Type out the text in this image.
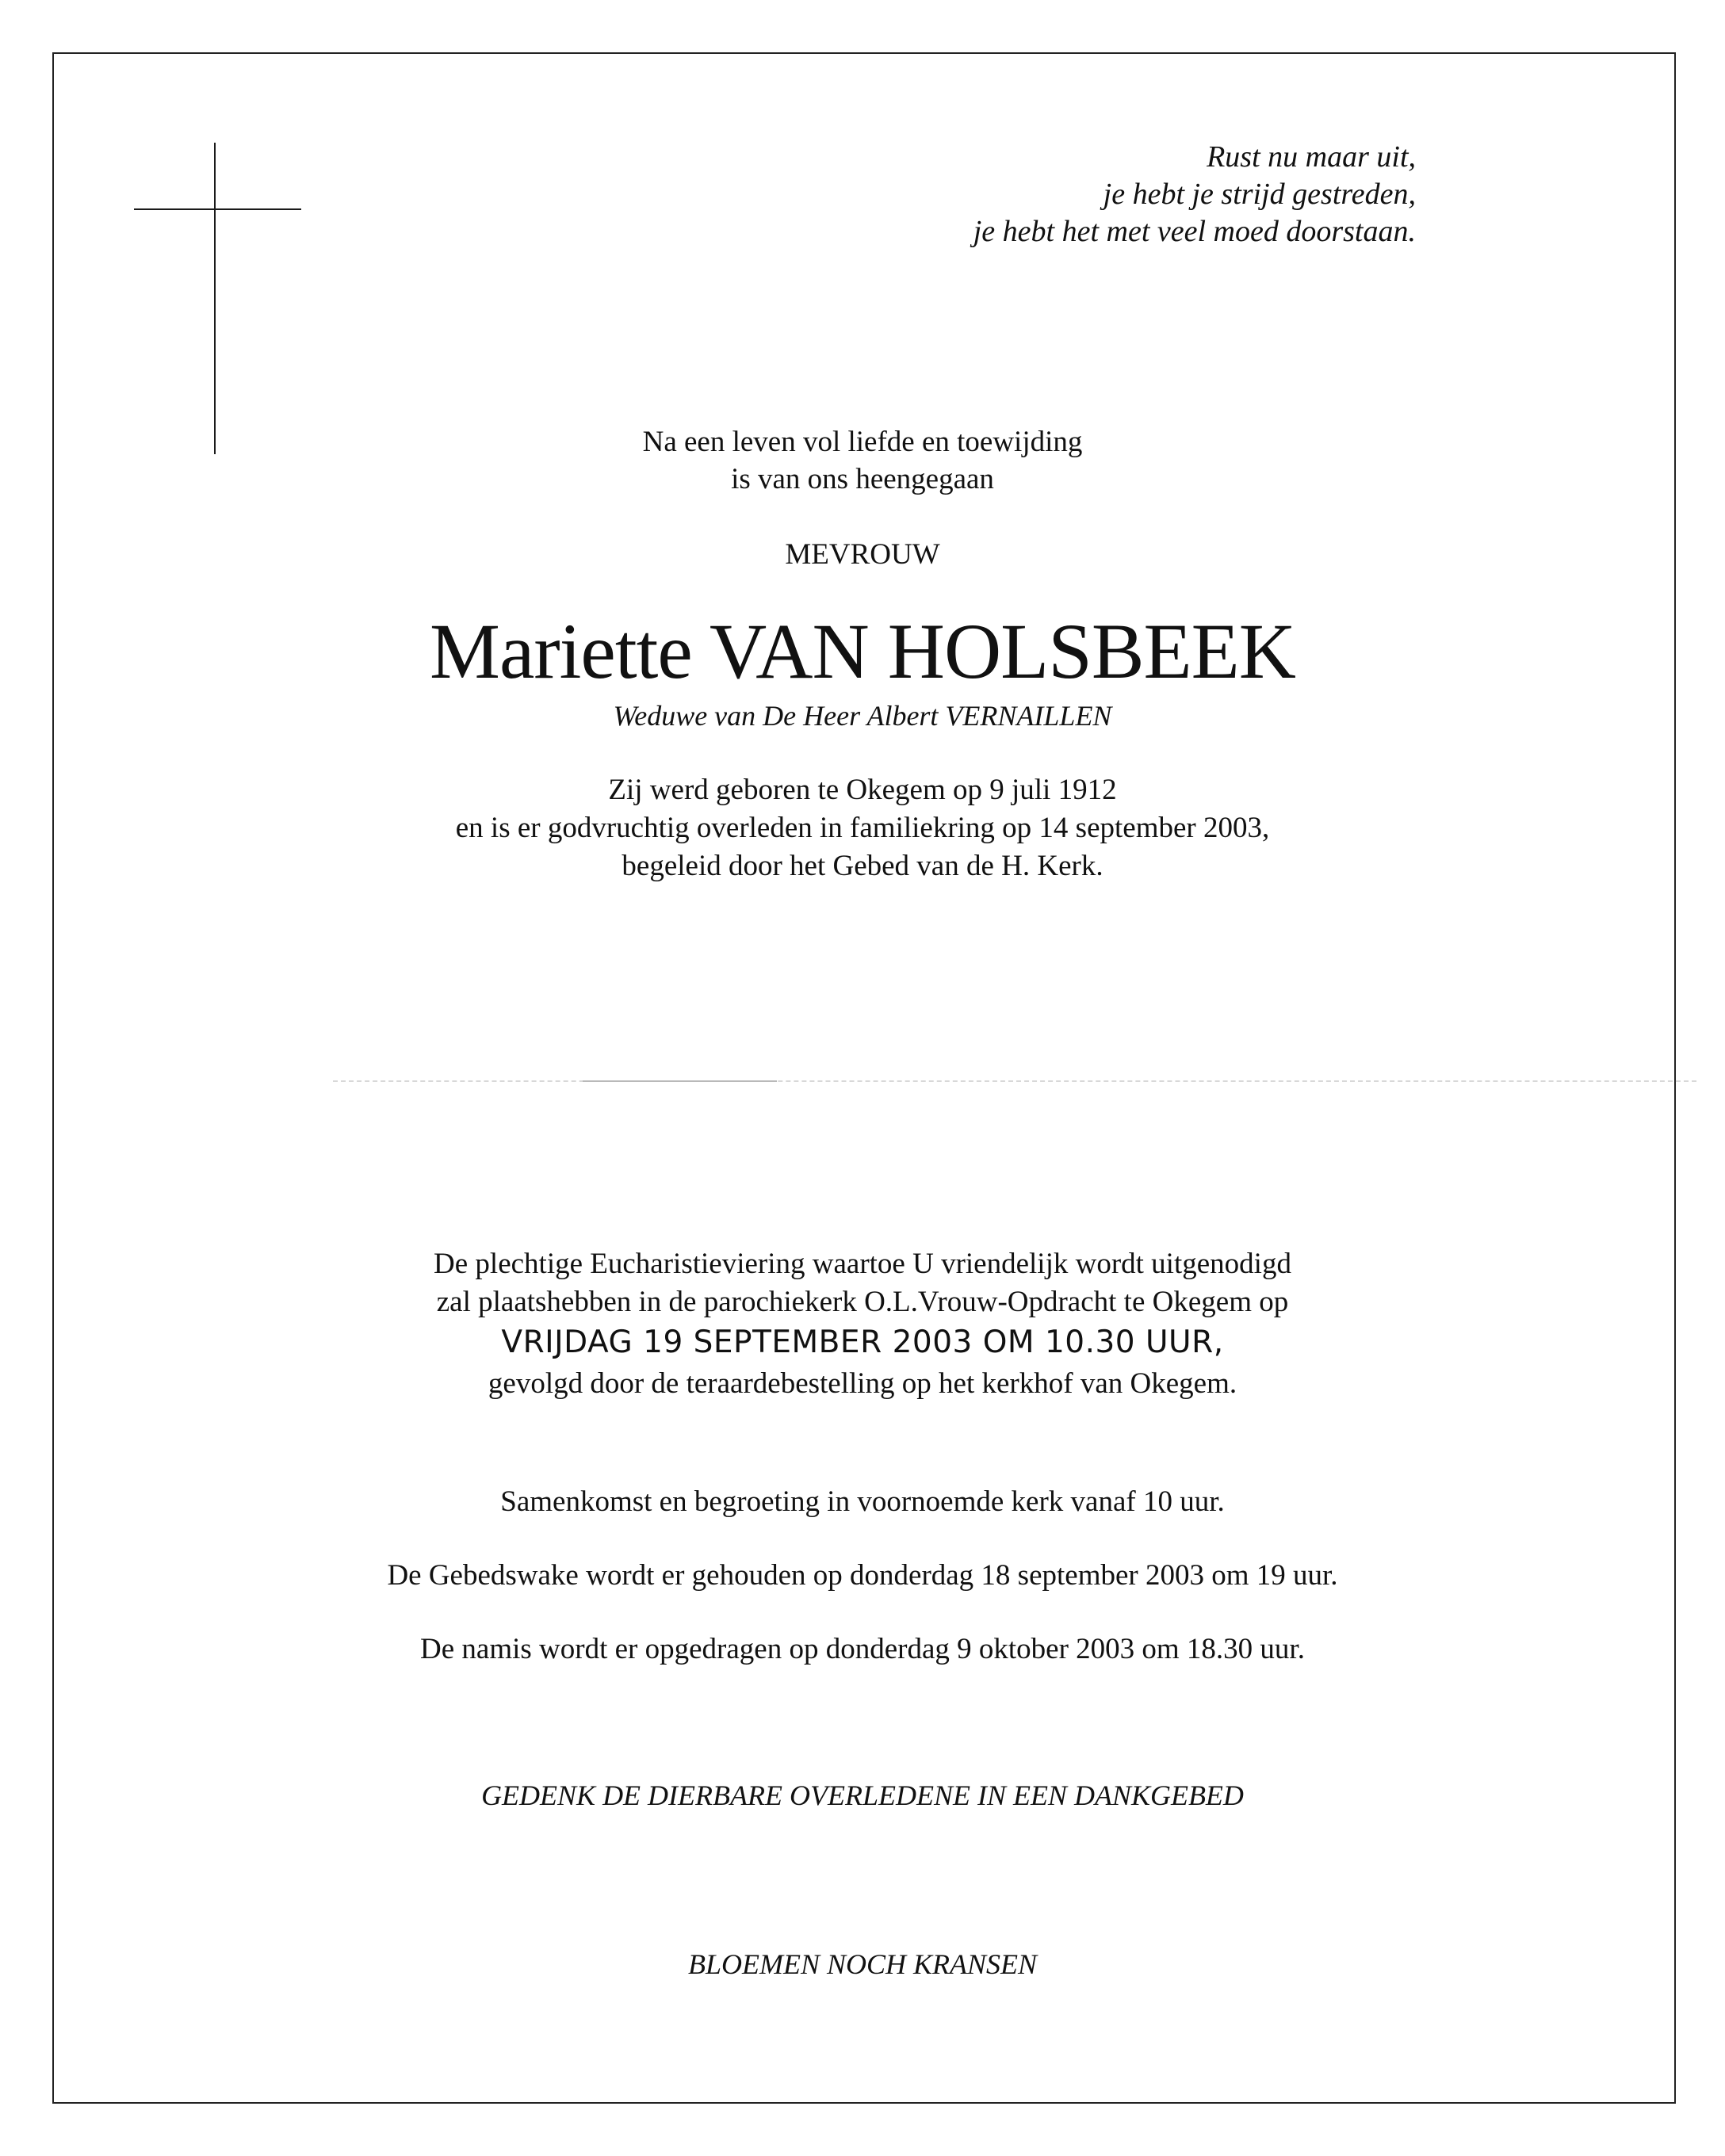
Rust nu maar uit,
je hebt je strijd gestreden,
je hebt het met veel moed doorstaan.
Na een leven vol liefde en toewijding
is van ons heengegaan
MEVROUW
Mariette VAN HOLSBEEK
Weduwe van De Heer Albert VERNAILLEN
Zij werd geboren te Okegem op 9 juli 1912
en is er godvruchtig overleden in familiekring op 14 september 2003,
begeleid door het Gebed van de H. Kerk.
De plechtige Eucharistieviering waartoe U vriendelijk wordt uitgenodigd
zal plaatshebben in de parochiekerk O.L.Vrouw-Opdracht te Okegem op
VRIJDAG 19 SEPTEMBER 2003 OM 10.30 UUR,
gevolgd door de teraardebestelling op het kerkhof van Okegem.
Samenkomst en begroeting in voornoemde kerk vanaf 10 uur.
De Gebedswake wordt er gehouden op donderdag 18 september 2003 om 19 uur.
De namis wordt er opgedragen op donderdag 9 oktober 2003 om 18.30 uur.
GEDENK DE DIERBARE OVERLEDENE IN EEN DANKGEBED
BLOEMEN NOCH KRANSEN
